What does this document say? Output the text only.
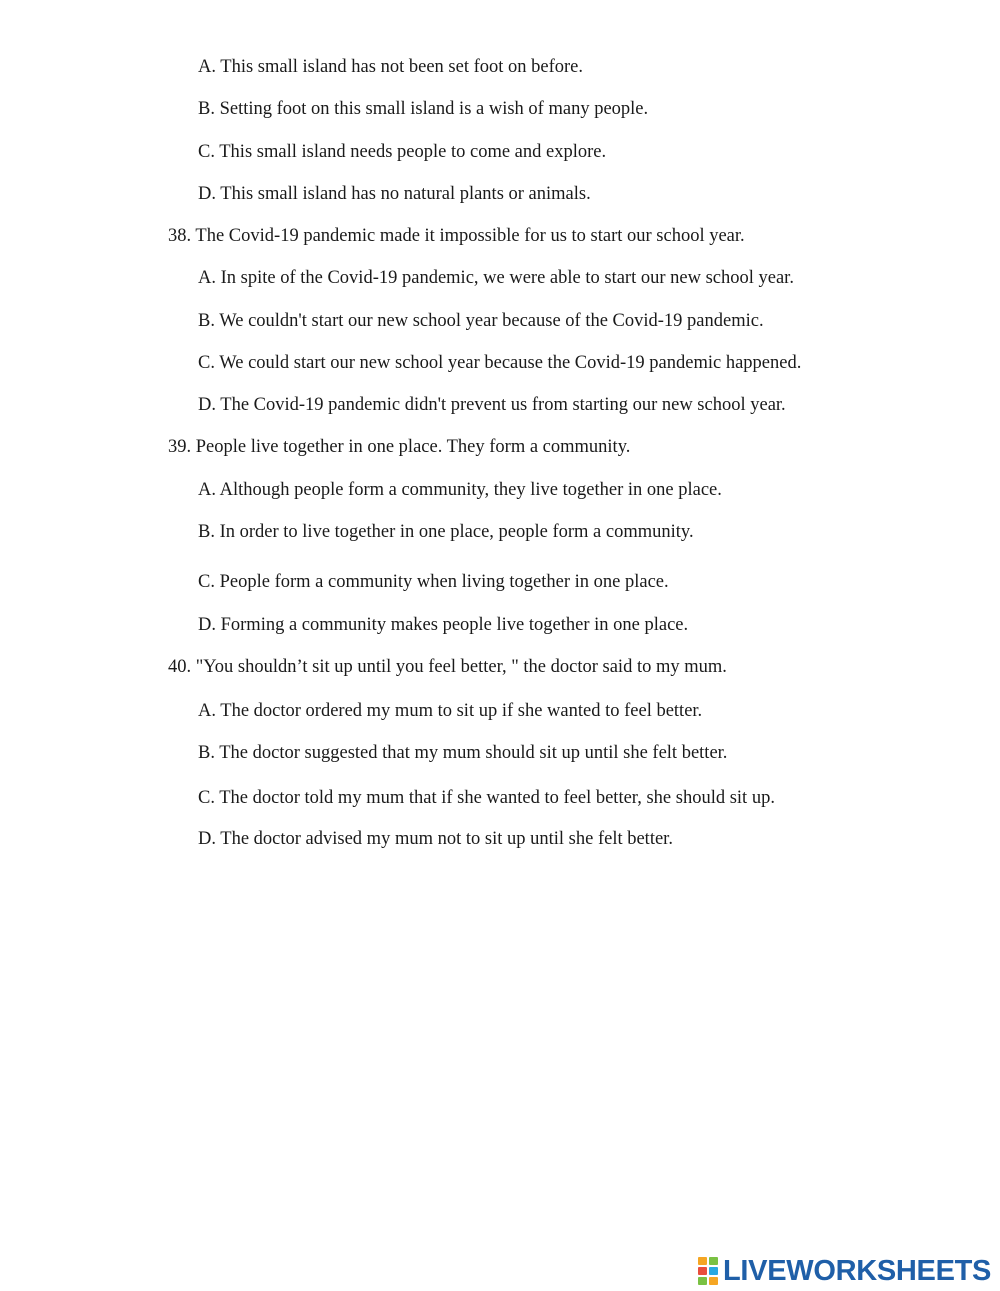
A. This small island has not been set foot on before.
B. Setting foot on this small island is a wish of many people.
C. This small island needs people to come and explore.
D. This small island has no natural plants or animals.
38. The Covid-19 pandemic made it impossible for us to start our school year.
A. In spite of the Covid-19 pandemic, we were able to start our new school year.
B. We couldn't start our new school year because of the Covid-19 pandemic.
C. We could start our new school year because the Covid-19 pandemic happened.
D. The Covid-19 pandemic didn't prevent us from starting our new school year.
39. People live together in one place. They form a community.
A. Although people form a community, they live together in one place.
B. In order to live together in one place, people form a community.
C. People form a community when living together in one place.
D. Forming a community makes people live together in one place.
40. "You shouldn’t sit up until you feel better, " the doctor said to my mum.
A. The doctor ordered my mum to sit up if she wanted to feel better.
B. The doctor suggested that my mum should sit up until she felt better.
C. The doctor told my mum that if she wanted to feel better, she should sit up.
D. The doctor advised my mum not to sit up until she felt better.
LIVEWORKSHEETS
